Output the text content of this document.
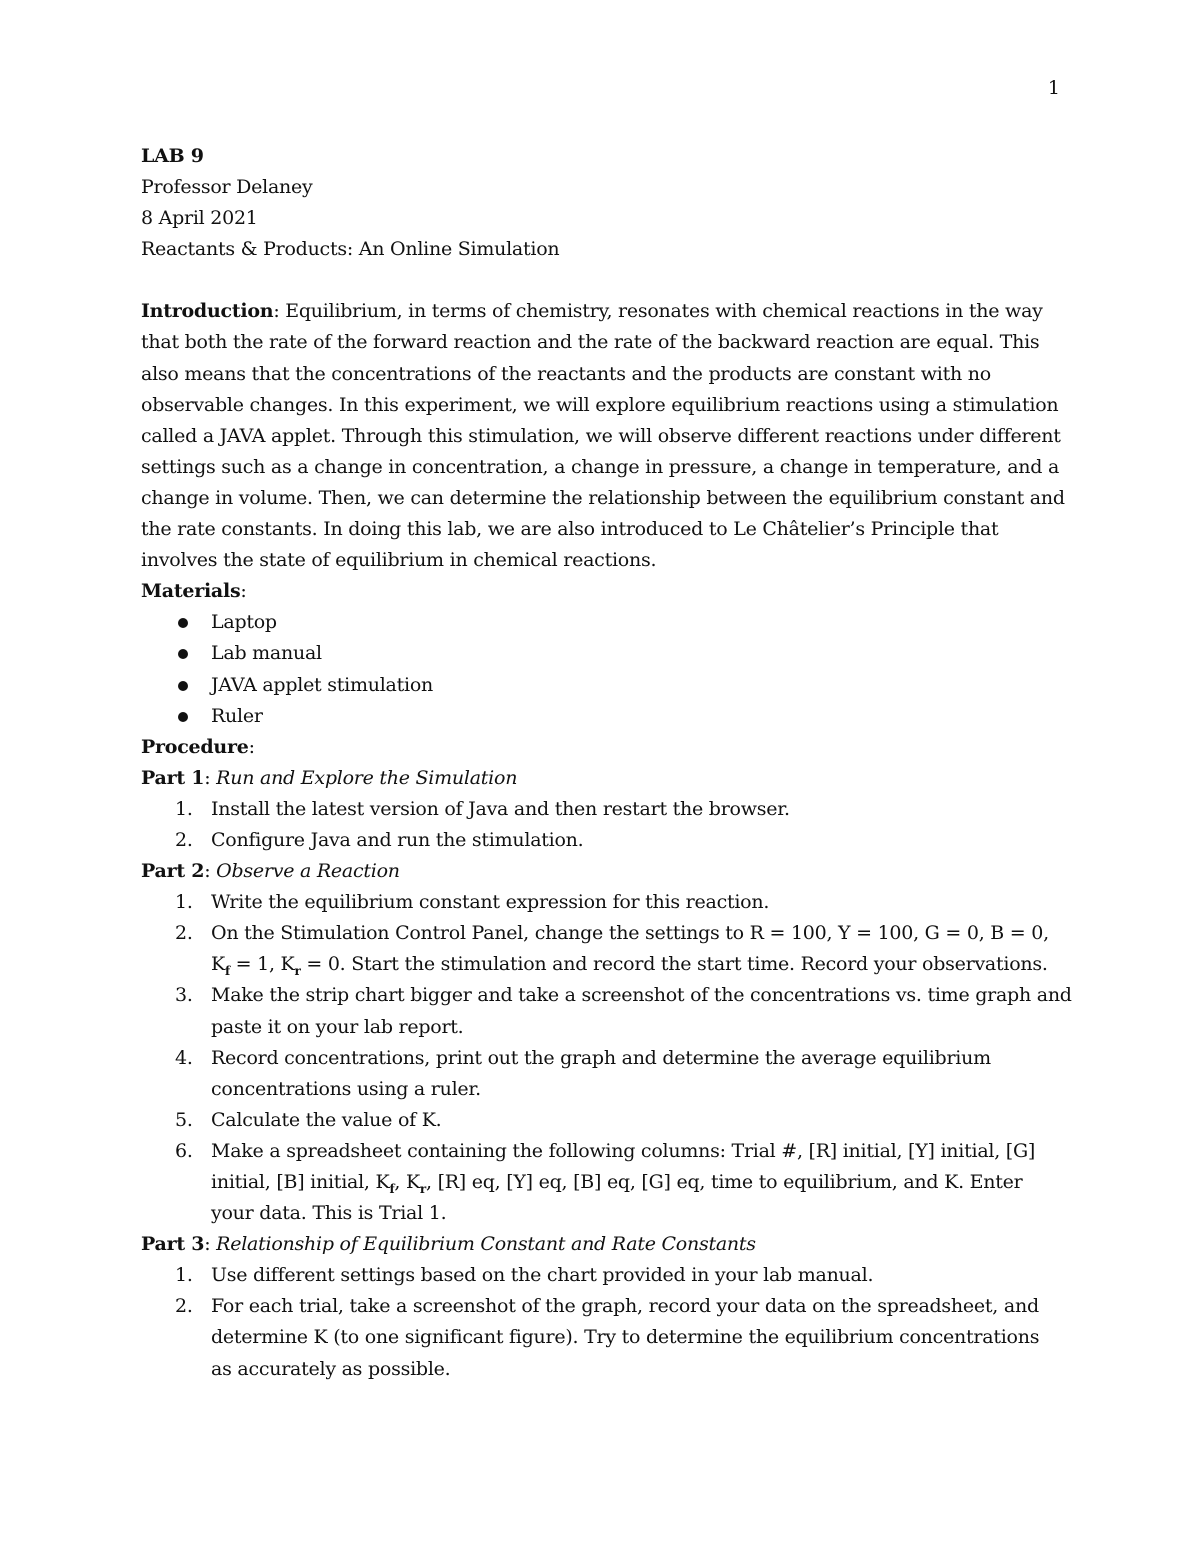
1
LAB 9
Professor Delaney
8 April 2021
Reactants & Products: An Online Simulation
Introduction: Equilibrium, in terms of chemistry, resonates with chemical reactions in the way that both the rate of the forward reaction and the rate of the backward reaction are equal. This also means that the concentrations of the reactants and the products are constant with no observable changes. In this experiment, we will explore equilibrium reactions using a stimulation called a JAVA applet. Through this stimulation, we will observe different reactions under different settings such as a change in concentration, a change in pressure, a change in temperature, and a change in volume. Then, we can determine the relationship between the equilibrium constant and the rate constants. In doing this lab, we are also introduced to Le Châtelier’s Principle that involves the state of equilibrium in chemical reactions.
Materials:
Laptop
Lab manual
JAVA applet stimulation
Ruler
Procedure:
Part 1: Run and Explore the Simulation
1. Install the latest version of Java and then restart the browser.
2. Configure Java and run the stimulation.
Part 2: Observe a Reaction
1. Write the equilibrium constant expression for this reaction.
2. On the Stimulation Control Panel, change the settings to R = 100, Y = 100, G = 0, B = 0,
$K_f = 1$, $K_r = 0$. Start the stimulation and record the start time. Record your observations.
3. Make the strip chart bigger and take a screenshot of the concentrations vs. time graph and
paste it on your lab report.
4. Record concentrations, print out the graph and determine the average equilibrium
concentrations using a ruler.
5. Calculate the value of K.
6. Make a spreadsheet containing the following columns: Trial #, [R] initial, [Y] initial, [G]
initial, [B] initial, $K_f$, $K_r$, [R] eq, [Y] eq, [B] eq, [G] eq, time to equilibrium, and K. Enter
your data. This is Trial 1.
Part 3: Relationship of Equilibrium Constant and Rate Constants
1. Use different settings based on the chart provided in your lab manual.
2. For each trial, take a screenshot of the graph, record your data on the spreadsheet, and
determine K (to one significant figure). Try to determine the equilibrium concentrations
as accurately as possible.
